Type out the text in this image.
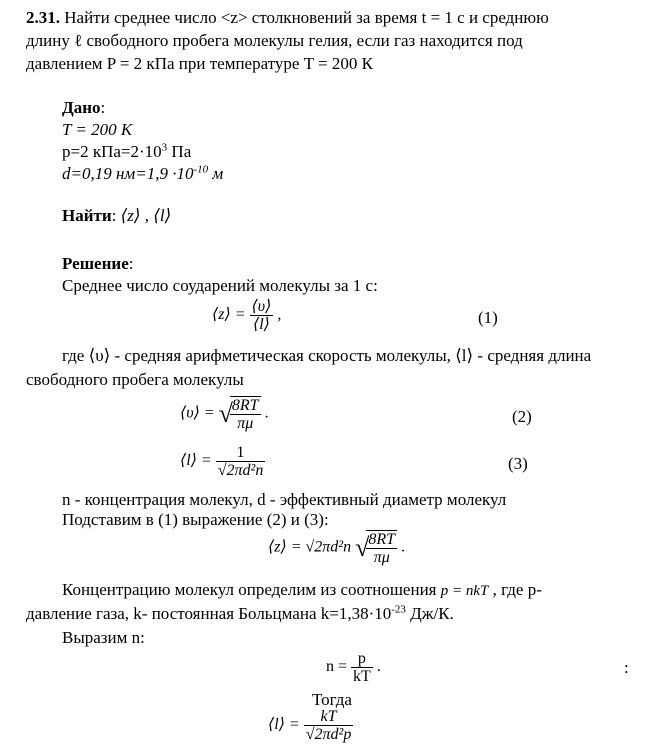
2.31. Найти среднее число <z> столкновений за время t = 1 с и среднюю
длину ℓ свободного пробега молекулы гелия, если газ находится под
давлением P = 2 кПа при температуре T = 200 К
Дано:
T = 200 К
p=2 $кПа=2\cdot 10^3$ Па
d=0,19 $нм=1,9 \cdot 10^{-10}$ м
Найти: ⟨z⟩ , ⟨l⟩
Решение:
Среднее число соударений молекулы за 1 с:
⟨z⟩ = $\frac{⟨\upsilon⟩}{⟨l⟩}$ ,	(1)
где ⟨υ⟩ - средняя арифметическая скорость молекулы, ⟨l⟩ - средняя длина
свободного пробега молекулы
⟨υ⟩ = √
$\frac{8RT}{\pi\mu}$ .	(2)
⟨l⟩ = $\frac{1}{\text{√2πd²n}}$	(3)
n - концентрация молекул, d - эффективный диаметр молекул
Подставим в (1) выражение (2) и (3):
⟨z⟩ = √2πd²n √
$\frac{8RT}{\pi\mu}$ .
Концентрацию молекул определим из соотношения p = nkT , где р-
давление газа, k- постоянная Больцмана $k=1,38\cdot 10^{-23}$ Дж/К.
Выразим n:
$n = \frac{p}{kT}$ .	:
Тогда
⟨l⟩ = $\frac{kT}{\text{√2πd²p}}$
